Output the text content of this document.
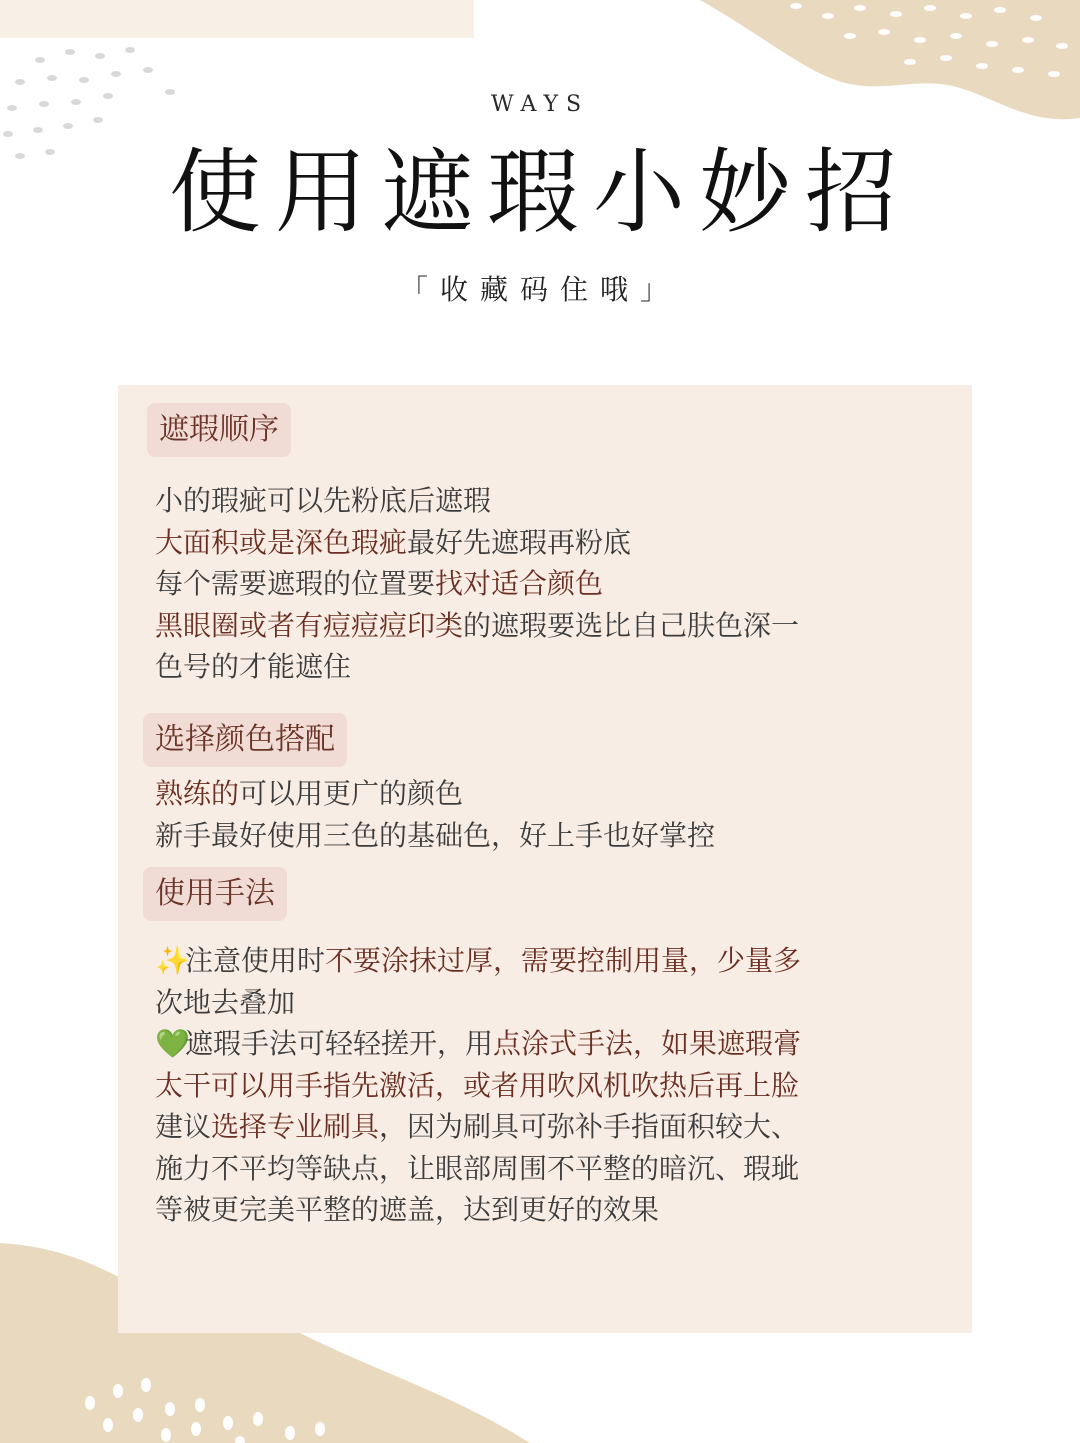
WAYS
使用遮瑕小妙招
「收藏码住哦」
遮瑕顺序
小的瑕疵可以先粉底后遮瑕
大面积或是深色瑕疵最好先遮瑕再粉底
每个需要遮瑕的位置要找对适合颜色
黑眼圈或者有痘痘痘印类的遮瑕要选比自己肤色深一
色号的才能遮住
选择颜色搭配
熟练的可以用更广的颜色
新手最好使用三色的基础色，好上手也好掌控
使用手法
✨注意使用时不要涂抹过厚，需要控制用量，少量多
次地去叠加
💚遮瑕手法可轻轻搓开，用点涂式手法，如果遮瑕膏
太干可以用手指先激活，或者用吹风机吹热后再上脸
建议选择专业刷具，因为刷具可弥补手指面积较大、
施力不平均等缺点，让眼部周围不平整的暗沉、瑕玼
等被更完美平整的遮盖，达到更好的效果
